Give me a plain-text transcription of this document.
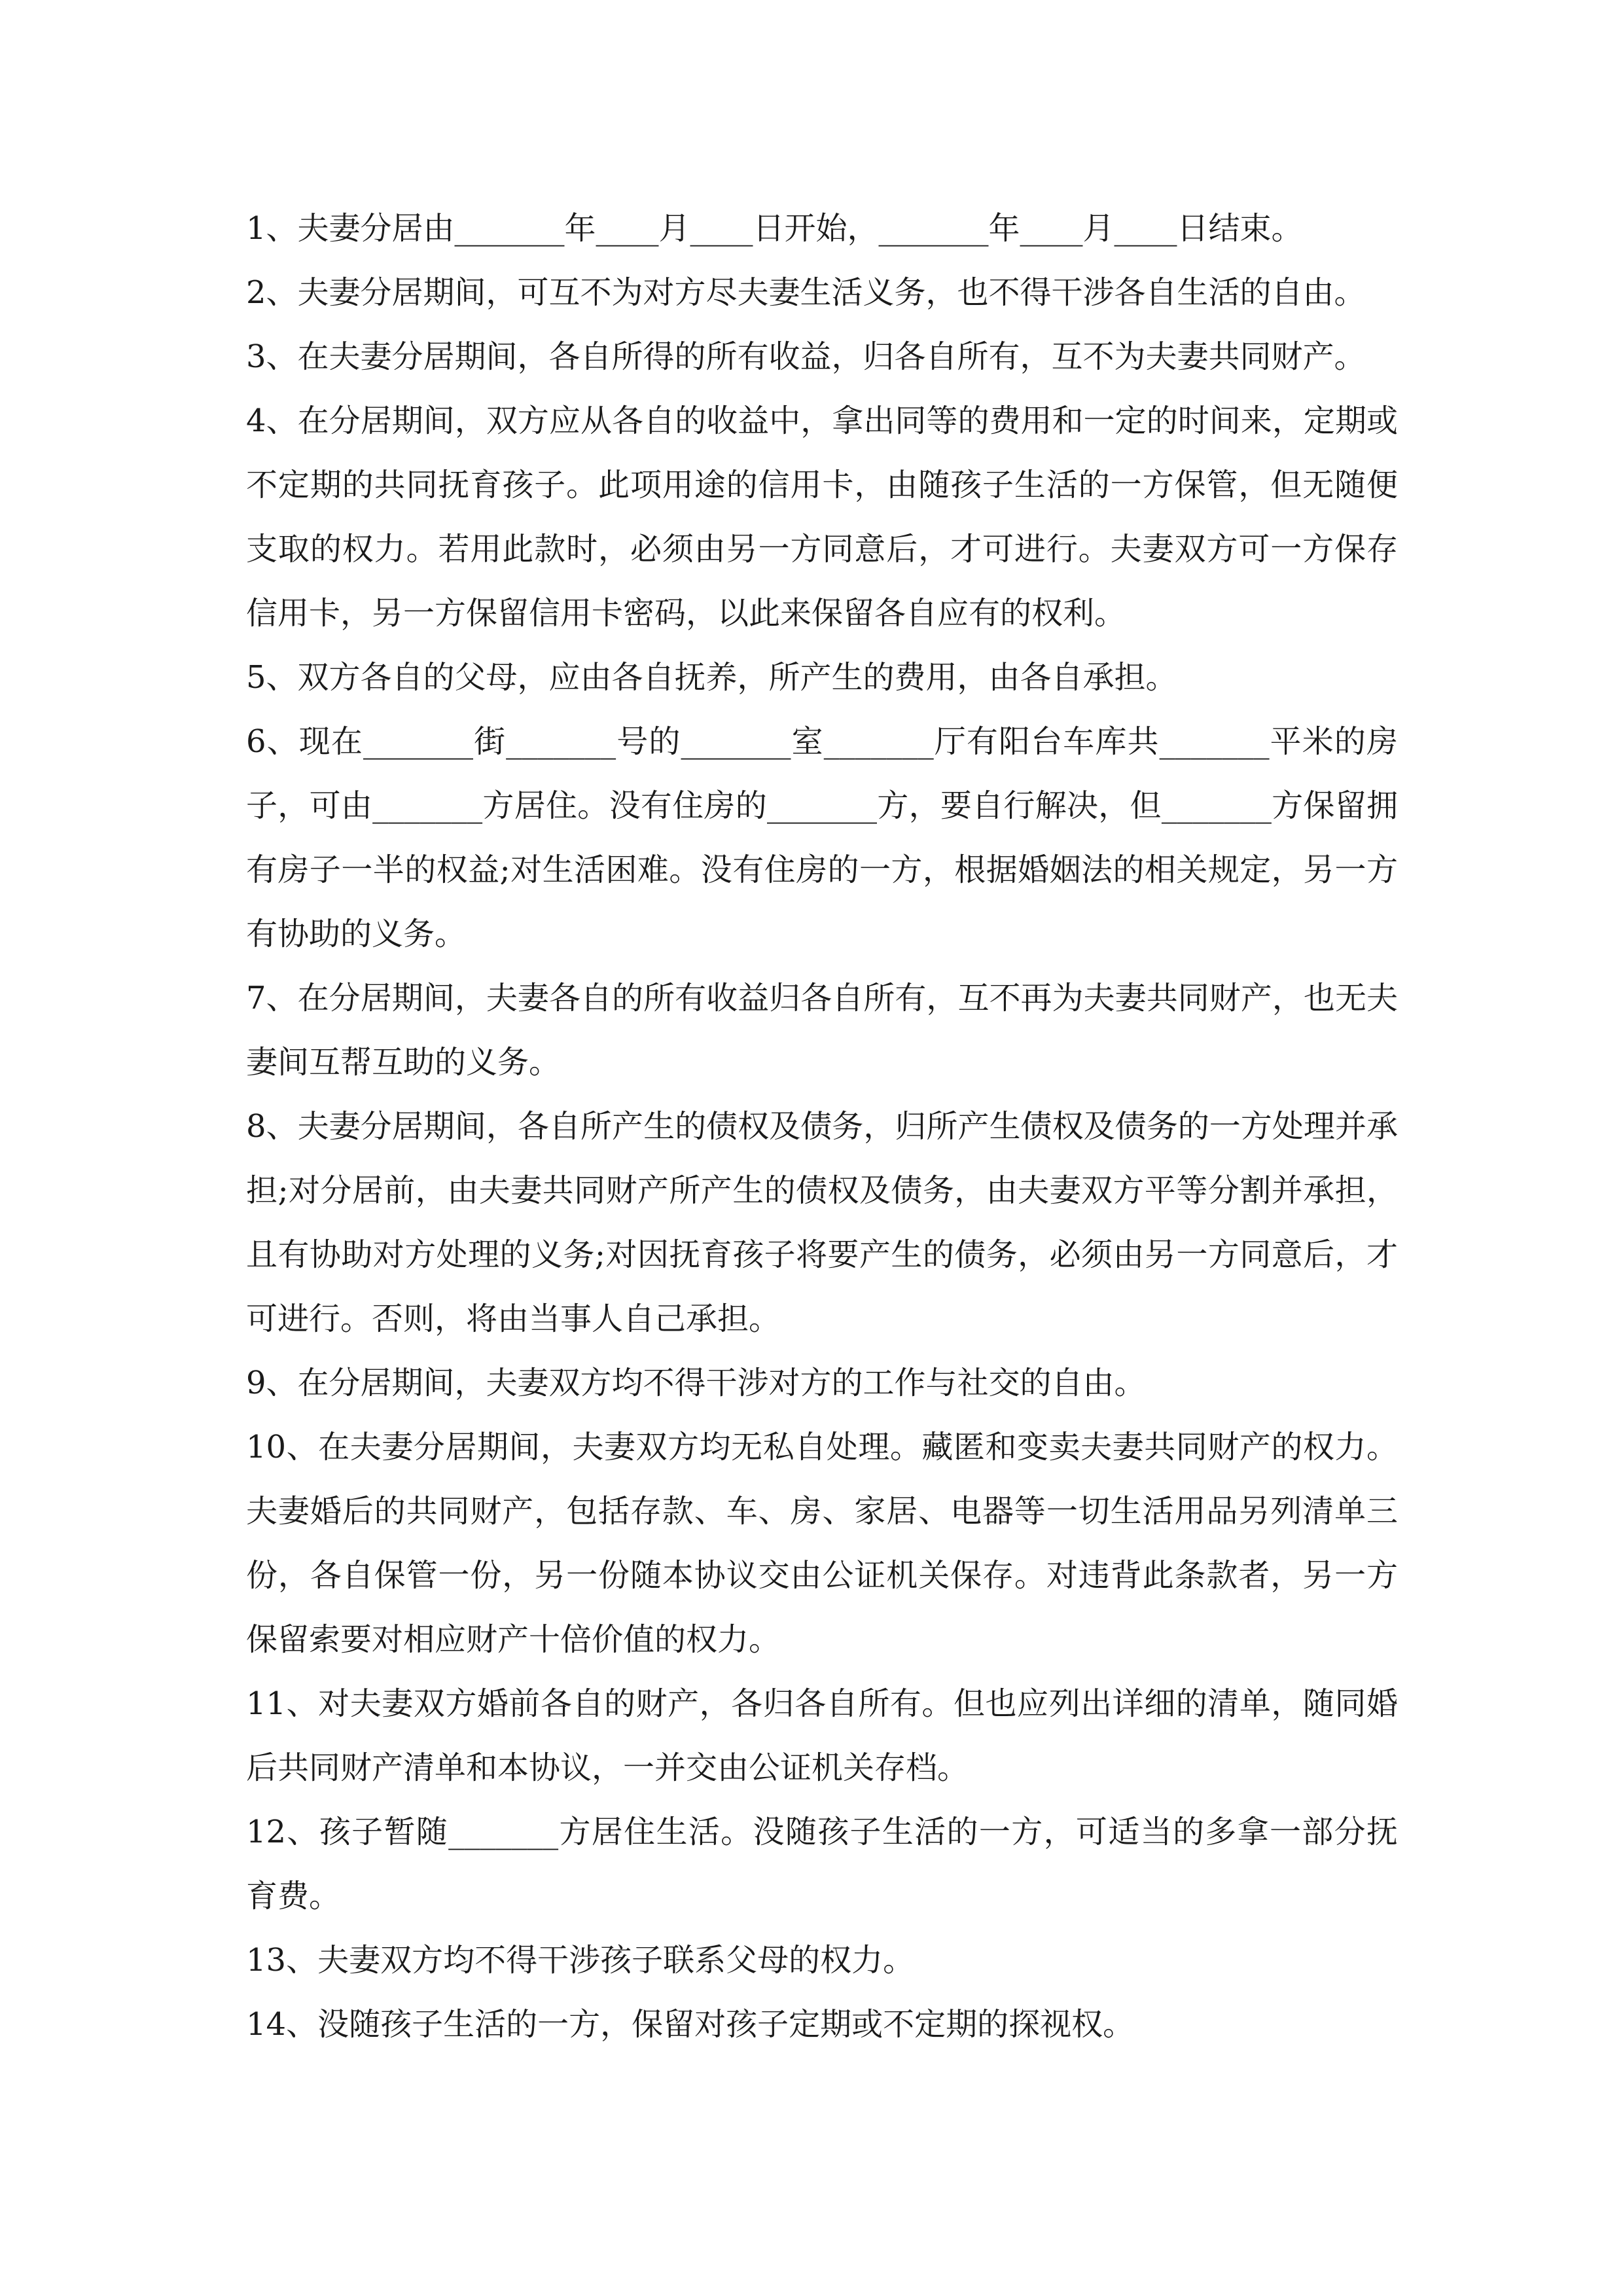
1、夫妻分居由_______年____月____日开始，_______年____月____日结束。

2、夫妻分居期间，可互不为对方尽夫妻生活义务，也不得干涉各自生活的自由。

3、在夫妻分居期间，各自所得的所有收益，归各自所有，互不为夫妻共同财产。

4、在分居期间，双方应从各自的收益中，拿出同等的费用和一定的时间来，定期或不定期的共同抚育孩子。此项用途的信用卡，由随孩子生活的一方保管，但无随便支取的权力。若用此款时，必须由另一方同意后，才可进行。夫妻双方可一方保存信用卡，另一方保留信用卡密码，以此来保留各自应有的权利。

5、双方各自的父母，应由各自抚养，所产生的费用，由各自承担。

6、现在_______街_______号的_______室_______厅有阳台车库共_______平米的房子，可由_______方居住。没有住房的_______方，要自行解决，但_______方保留拥有房子一半的权益;对生活困难。没有住房的一方，根据婚姻法的相关规定，另一方有协助的义务。

7、在分居期间，夫妻各自的所有收益归各自所有，互不再为夫妻共同财产，也无夫妻间互帮互助的义务。

8、夫妻分居期间，各自所产生的债权及债务，归所产生债权及债务的一方处理并承担;对分居前，由夫妻共同财产所产生的债权及债务，由夫妻双方平等分割并承担，且有协助对方处理的义务;对因抚育孩子将要产生的债务，必须由另一方同意后，才可进行。否则，将由当事人自己承担。

9、在分居期间，夫妻双方均不得干涉对方的工作与社交的自由。

10、在夫妻分居期间，夫妻双方均无私自处理。藏匿和变卖夫妻共同财产的权力。夫妻婚后的共同财产，包括存款、车、房、家居、电器等一切生活用品另列清单三份，各自保管一份，另一份随本协议交由公证机关保存。对违背此条款者，另一方保留索要对相应财产十倍价值的权力。

11、对夫妻双方婚前各自的财产，各归各自所有。但也应列出详细的清单，随同婚后共同财产清单和本协议，一并交由公证机关存档。

12、孩子暂随_______方居住生活。没随孩子生活的一方，可适当的多拿一部分抚育费。

13、夫妻双方均不得干涉孩子联系父母的权力。

14、没随孩子生活的一方，保留对孩子定期或不定期的探视权。
